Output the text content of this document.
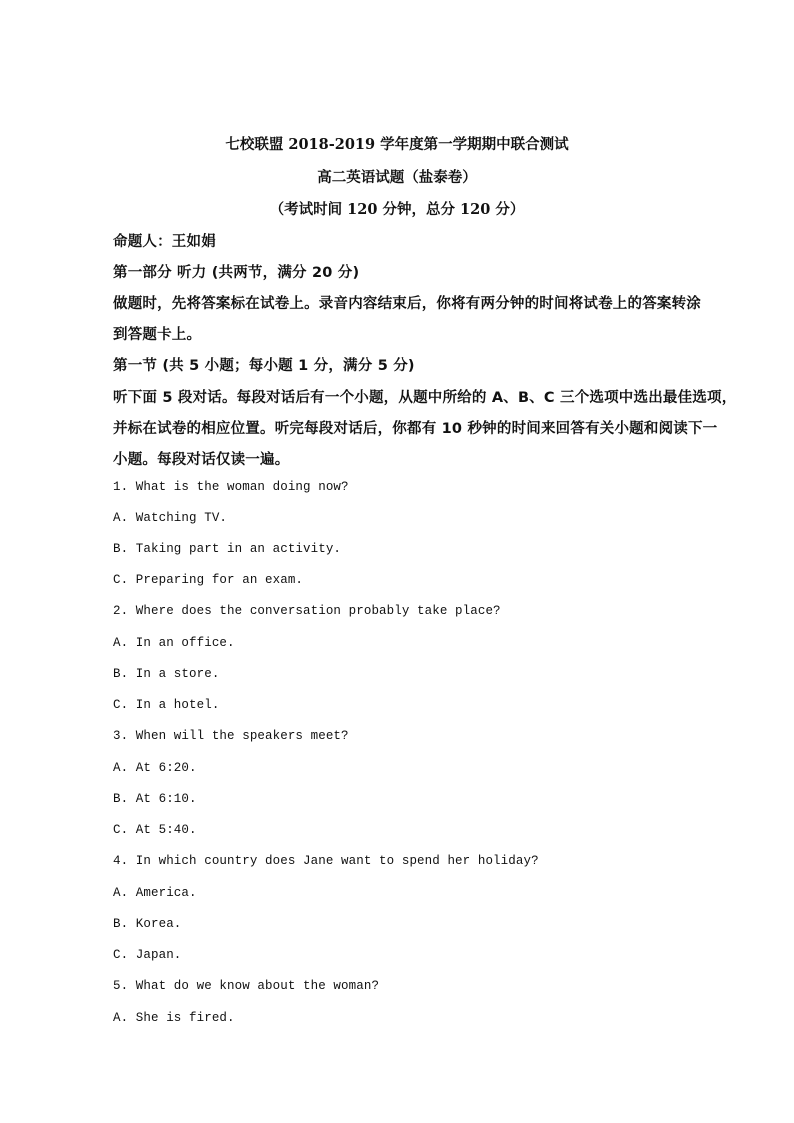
七校联盟 2018-2019 学年度第一学期期中联合测试
高二英语试题（盐泰卷）
（考试时间 120 分钟，总分 120 分）
命题人：王如娟
第一部分 听力 (共两节，满分 20 分)
做题时，先将答案标在试卷上。录音内容结束后，你将有两分钟的时间将试卷上的答案转涂
到答题卡上。
第一节 (共 5 小题；每小题 1 分，满分 5 分)
听下面 5 段对话。每段对话后有一个小题，从题中所给的 A、B、C 三个选项中选出最佳选项，
并标在试卷的相应位置。听完每段对话后，你都有 10 秒钟的时间来回答有关小题和阅读下一
小题。每段对话仅读一遍。
1. What is the woman doing now?
A. Watching TV.
B. Taking part in an activity.
C. Preparing for an exam.
2. Where does the conversation probably take place?
A. In an office.
B. In a store.
C. In a hotel.
3. When will the speakers meet?
A. At 6:20.
B. At 6:10.
C. At 5:40.
4. In which country does Jane want to spend her holiday?
A. America.
B. Korea.
C. Japan.
5. What do we know about the woman?
A. She is fired.
